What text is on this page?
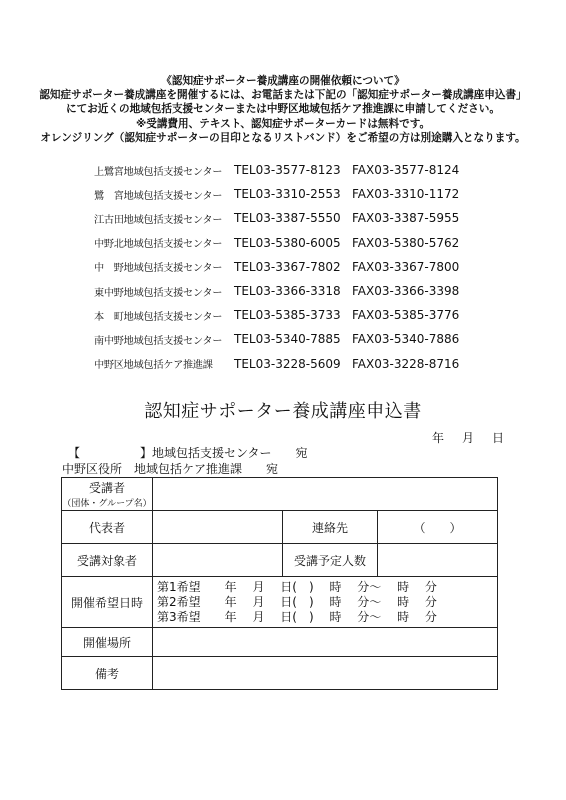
《認知症サポーター養成講座の開催依頼について》
認知症サポーター養成講座を開催するには、お電話または下記の「認知症サポーター養成講座申込書」
にてお近くの地域包括支援センターまたは中野区地域包括ケア推進課に申請してください。
※受講費用、テキスト、認知症サポーターカードは無料です。
オレンジリング（認知症サポーターの目印となるリストバンド）をご希望の方は別途購入となります。
上鷺宮地域包括支援センター TEL03-3577-8123 FAX03-3577-8124
鷺　宮地域包括支援センター TEL03-3310-2553 FAX03-3310-1172
江古田地域包括支援センター TEL03-3387-5550 FAX03-3387-5955
中野北地域包括支援センター TEL03-5380-6005 FAX03-5380-5762
中　野地域包括支援センター TEL03-3367-7802 FAX03-3367-7800
東中野地域包括支援センター TEL03-3366-3318 FAX03-3366-3398
本　町地域包括支援センター TEL03-5385-3733 FAX03-5385-3776
南中野地域包括支援センター TEL03-5340-7885 FAX03-5340-7886
中野区地域包括ケア推進課	TEL03-3228-5609 FAX03-3228-8716
認知症サポーター養成講座申込書
年 月 日
【　　　　　】地域包括支援センター　　宛
中野区役所　地域包括ケア推進課　　宛
受講者
（団体・グループ名）			

代表者		連絡先	（　　）
受講対象者		受講予定人数	
開催希望日時	第1希望　　年　 月　 日(　)　 時　 分～　 時　 分
第2希望　　年　 月　 日(　)　 時　 分～　 時　 分
第3希望　　年　 月　 日(　)　 時　 分～　 時　 分		

開催場所			
備考			
